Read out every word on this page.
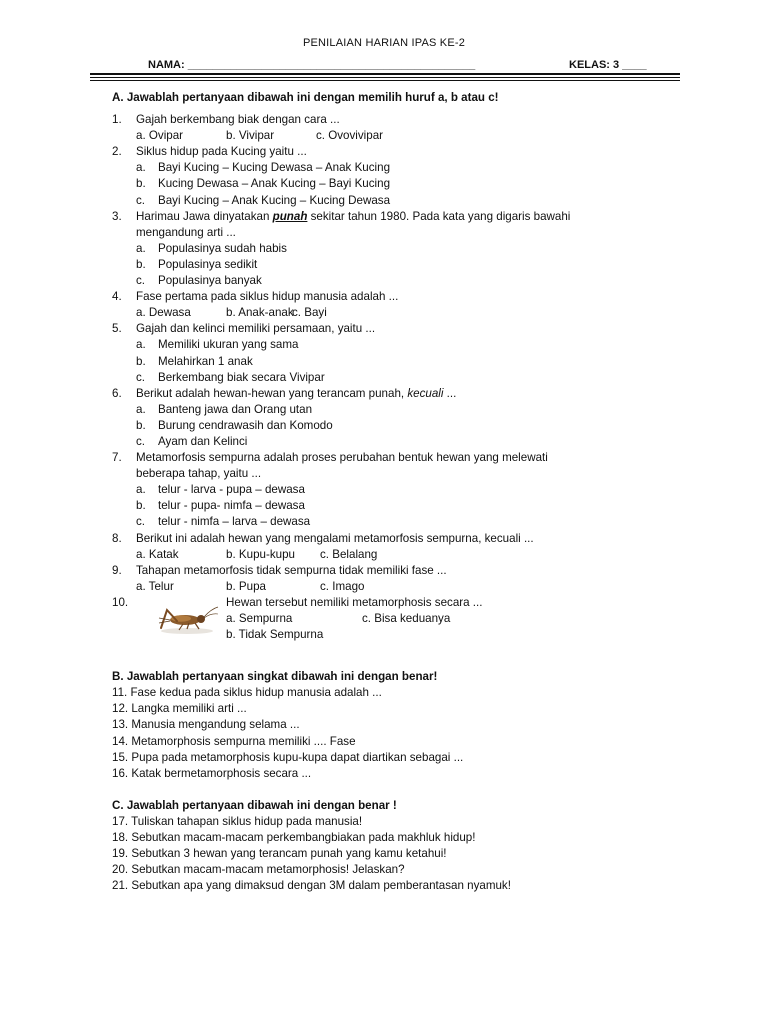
PENILAIAN HARIAN IPAS KE-2
NAMA: _______________________________________________	KELAS: 3 ____
A. Jawablah pertanyaan dibawah ini dengan memilih huruf a, b atau c!
1. Gajah berkembang biak dengan cara ...
a. Ovipar	b. Vivipar	c. Ovovivipar
2. Siklus hidup pada Kucing yaitu ...
a. Bayi Kucing – Kucing Dewasa – Anak Kucing
b. Kucing Dewasa – Anak Kucing – Bayi Kucing
c. Bayi Kucing – Anak Kucing – Kucing Dewasa
3. Harimau Jawa dinyatakan punah sekitar tahun 1980. Pada kata yang digaris bawahi
mengandung arti ...
a. Populasinya sudah habis
b. Populasinya sedikit
c. Populasinya banyak
4. Fase pertama pada siklus hidup manusia adalah ...
a. Dewasa	b. Anak-anak
c. Bayi
5. Gajah dan kelinci memiliki persamaan, yaitu ...
a. Memiliki ukuran yang sama
b. Melahirkan 1 anak
c. Berkembang biak secara Vivipar
6. Berikut adalah hewan-hewan yang terancam punah, kecuali ...
a. Banteng jawa dan Orang utan
b. Burung cendrawasih dan Komodo
c. Ayam dan Kelinci
7. Metamorfosis sempurna adalah proses perubahan bentuk hewan yang melewati
beberapa tahap, yaitu ...
a. telur - larva - pupa – dewasa
b. telur - pupa- nimfa – dewasa
c. telur - nimfa – larva – dewasa
8. Berikut ini adalah hewan yang mengalami metamorfosis sempurna, kecuali ...
a. Katak	b. Kupu-kupu c. Belalang
9. Tahapan metamorfosis tidak sempurna tidak memiliki fase ...
a. Telur	b. Pupa	c. Imago
10.	Hewan tersebut nemiliki metamorphosis secara ...
a. Sempurna	c. Bisa keduanya
b. Tidak Sempurna
B. Jawablah pertanyaan singkat dibawah ini dengan benar!
11. Fase kedua pada siklus hidup manusia adalah ...
12. Langka memiliki arti ...
13. Manusia mengandung selama ...
14. Metamorphosis sempurna memiliki .... Fase
15. Pupa pada metamorphosis kupu-kupa dapat diartikan sebagai ...
16. Katak bermetamorphosis secara ...
C. Jawablah pertanyaan dibawah ini dengan benar !
17. Tuliskan tahapan siklus hidup pada manusia!
18. Sebutkan macam-macam perkembangbiakan pada makhluk hidup!
19. Sebutkan 3 hewan yang terancam punah yang kamu ketahui!
20. Sebutkan macam-macam metamorphosis! Jelaskan?
21. Sebutkan apa yang dimaksud dengan 3M dalam pemberantasan nyamuk!
